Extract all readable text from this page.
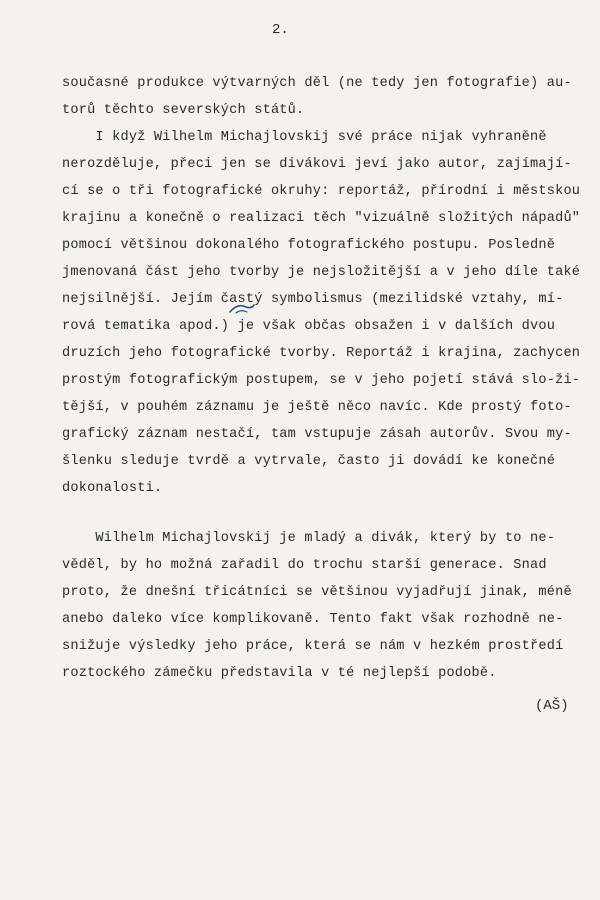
2.
současné produkce výtvarných děl (ne tedy jen fotografie) au-
torů těchto severských států.
I když Wilhelm Michajlovskij své práce nijak vyhraněně
nerozděluje, přeci jen se divákovi jeví jako autor, zajímají-
cí se o tři fotografické okruhy: reportáž, přírodní i městskou
krajinu a konečně o realizaci těch "vizuálně složitých nápadů"
pomocí většinou dokonalého fotografického postupu. Posledně
jmenovaná část jeho tvorby je nejsložitější a v jeho díle také
nejsilnější. Jejím častý symbolismus (mezilidské vztahy, mí-
rová tematika apod.) je však občas obsažen i v dalších dvou
druzích jeho fotografické tvorby. Reportáž i krajina, zachycen
prostým fotografickým postupem, se v jeho pojetí stává slo-ži-
tější, v pouhém záznamu je ještě něco navíc. Kde prostý foto-
grafický záznam nestačí, tam vstupuje zásah autorův. Svou my-
šlenku sleduje tvrdě a vytrvale, často ji dovádí ke konečné
dokonalosti.
Wilhelm Michajlovskij je mladý a divák, který by to ne-
věděl, by ho možná zařadil do trochu starší generace. Snad
proto, že dnešní třicátníci se většinou vyjadřují jinak, méně
anebo daleko více komplikovaně. Tento fakt však rozhodně ne-
snižuje výsledky jeho práce, která se nám v hezkém prostředí
roztockého zámečku představila v té nejlepší podobě.
(AŠ)
